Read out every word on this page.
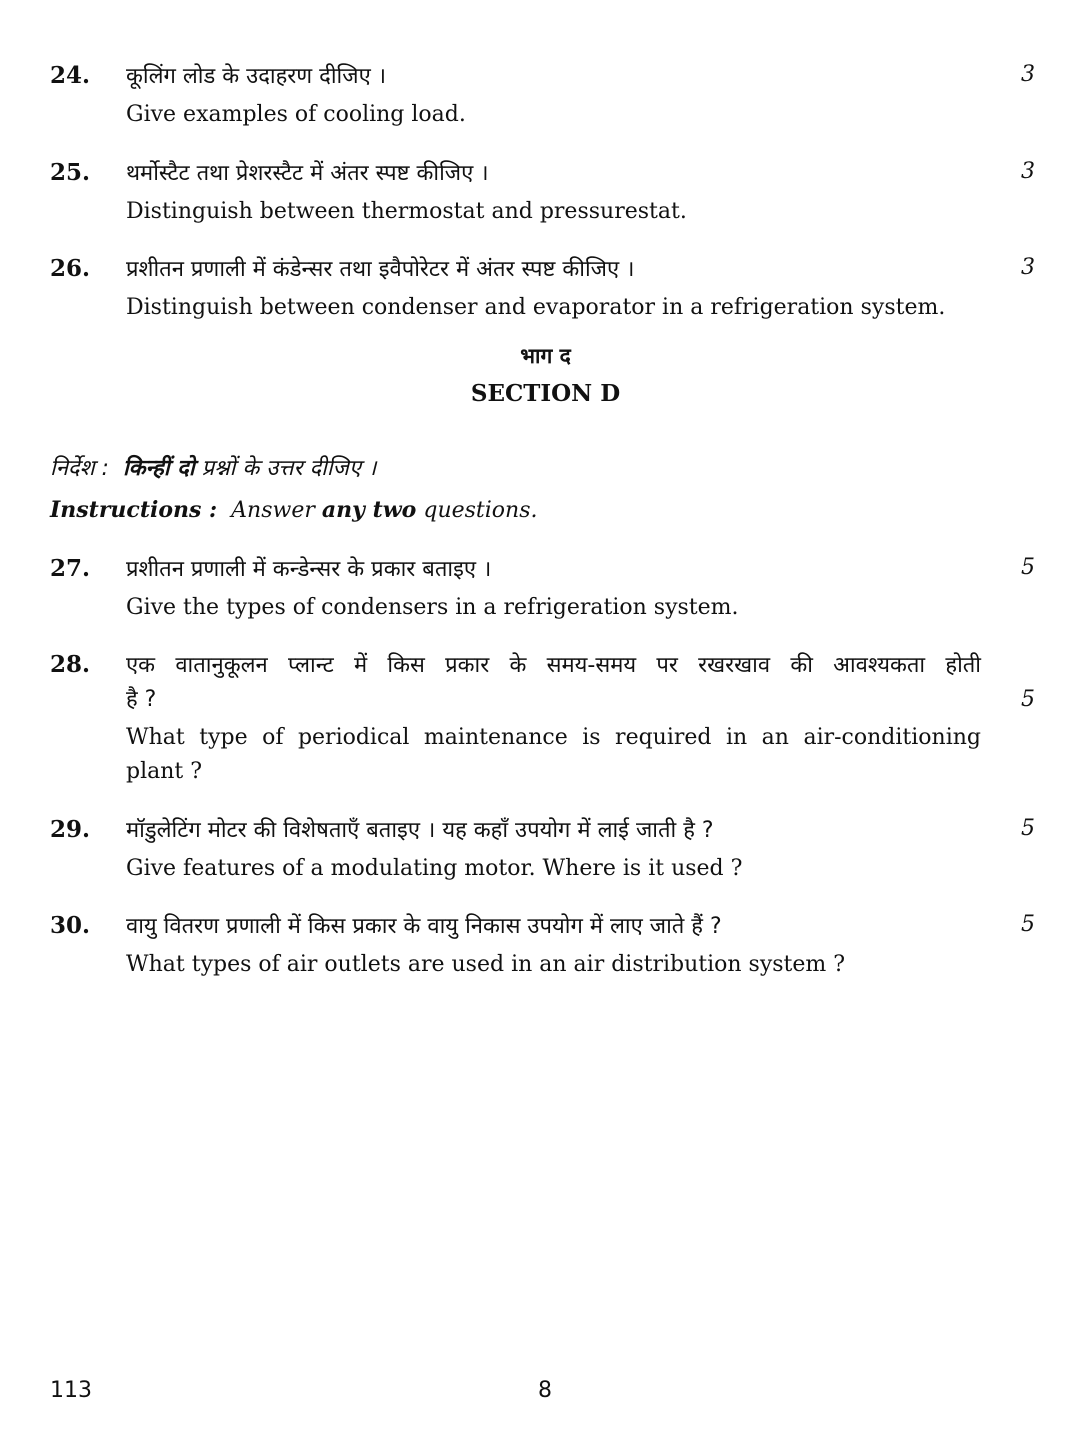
24. कूलिंग लोड के उदाहरण दीजिए ।
Give examples of cooling load.
3
25. थर्मोस्टैट तथा प्रेशरस्टैट में अंतर स्पष्ट कीजिए ।
Distinguish between thermostat and pressurestat.
3
26. प्रशीतन प्रणाली में कंडेन्सर तथा इवैपोरेटर में अंतर स्पष्ट कीजिए ।
Distinguish between condenser and evaporator in a refrigeration system.
3
भाग द
SECTION D
निर्देश : किन्हीं दो प्रश्नों के उत्तर दीजिए ।
Instructions : Answer any two questions.
27. प्रशीतन प्रणाली में कन्डेन्सर के प्रकार बताइए ।
Give the types of condensers in a refrigeration system.
5
28. एक वातानुकूलन प्लान्ट में किस प्रकार के समय-समय पर रखरखाव की आवश्यकता होती
है ?
What type of periodical maintenance is required in an air-conditioning
plant ?
5
29. मॉडुलेटिंग मोटर की विशेषताएँ बताइए । यह कहाँ उपयोग में लाई जाती है ?
Give features of a modulating motor. Where is it used ?
5
30. वायु वितरण प्रणाली में किस प्रकार के वायु निकास उपयोग में लाए जाते हैं ?
What types of air outlets are used in an air distribution system ?
5
113	8
